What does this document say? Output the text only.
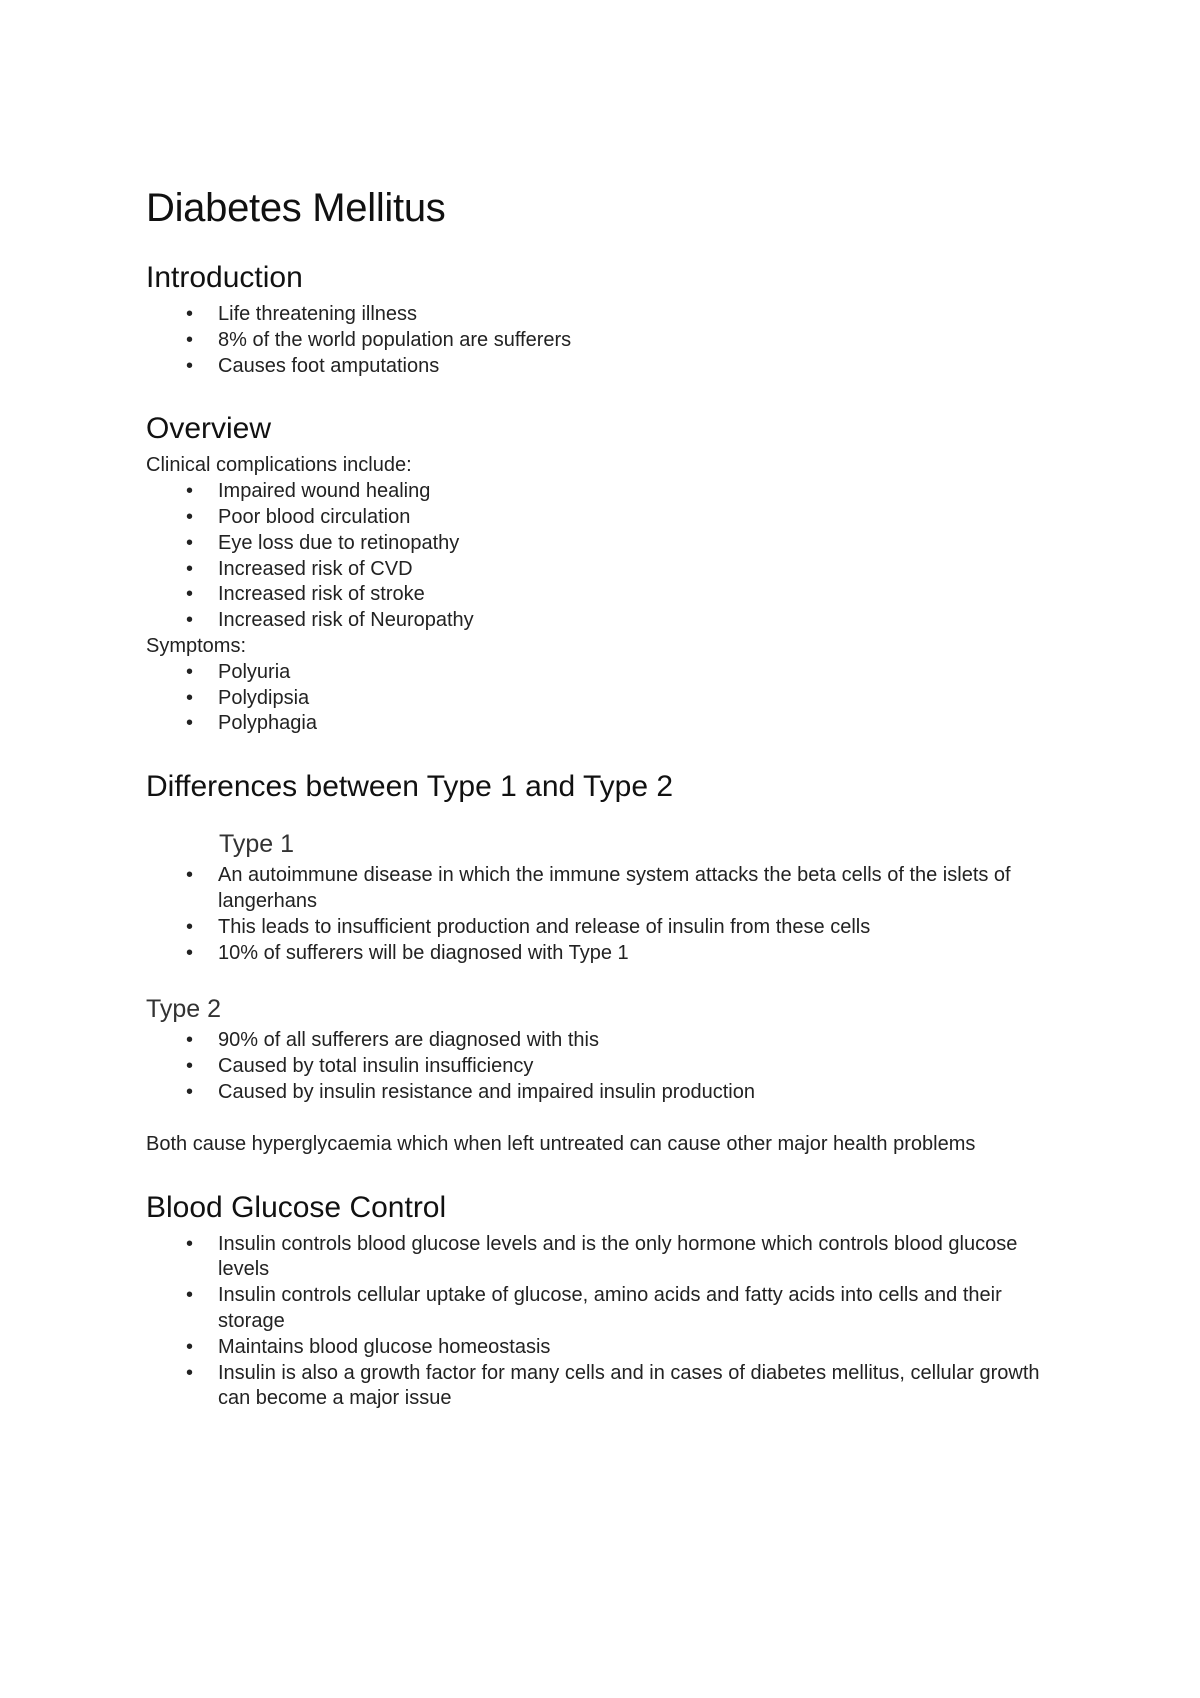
Diabetes Mellitus
Introduction
• Life threatening illness
• 8% of the world population are sufferers
• Causes foot amputations
Overview

Clinical complications include:

• Impaired wound healing
• Poor blood circulation
• Eye loss due to retinopathy
• Increased risk of CVD
• Increased risk of stroke
• Increased risk of Neuropathy

Symptoms:

• Polyuria
• Polydipsia
• Polyphagia
Differences between Type 1 and Type 2
Type 1
• An autoimmune disease in which the immune system attacks the beta cells of the islets of langerhans
• This leads to insufficient production and release of insulin from these cells
• 10% of sufferers will be diagnosed with Type 1
Type 2
• 90% of all sufferers are diagnosed with this
• Caused by total insulin insufficiency
• Caused by insulin resistance and impaired insulin production

Both cause hyperglycaemia which when left untreated can cause other major health problems

Blood Glucose Control
• Insulin controls blood glucose levels and is the only hormone which controls blood glucose levels
• Insulin controls cellular uptake of glucose, amino acids and fatty acids into cells and their storage
• Maintains blood glucose homeostasis
• Insulin is also a growth factor for many cells and in cases of diabetes mellitus, cellular growth can become a major issue
